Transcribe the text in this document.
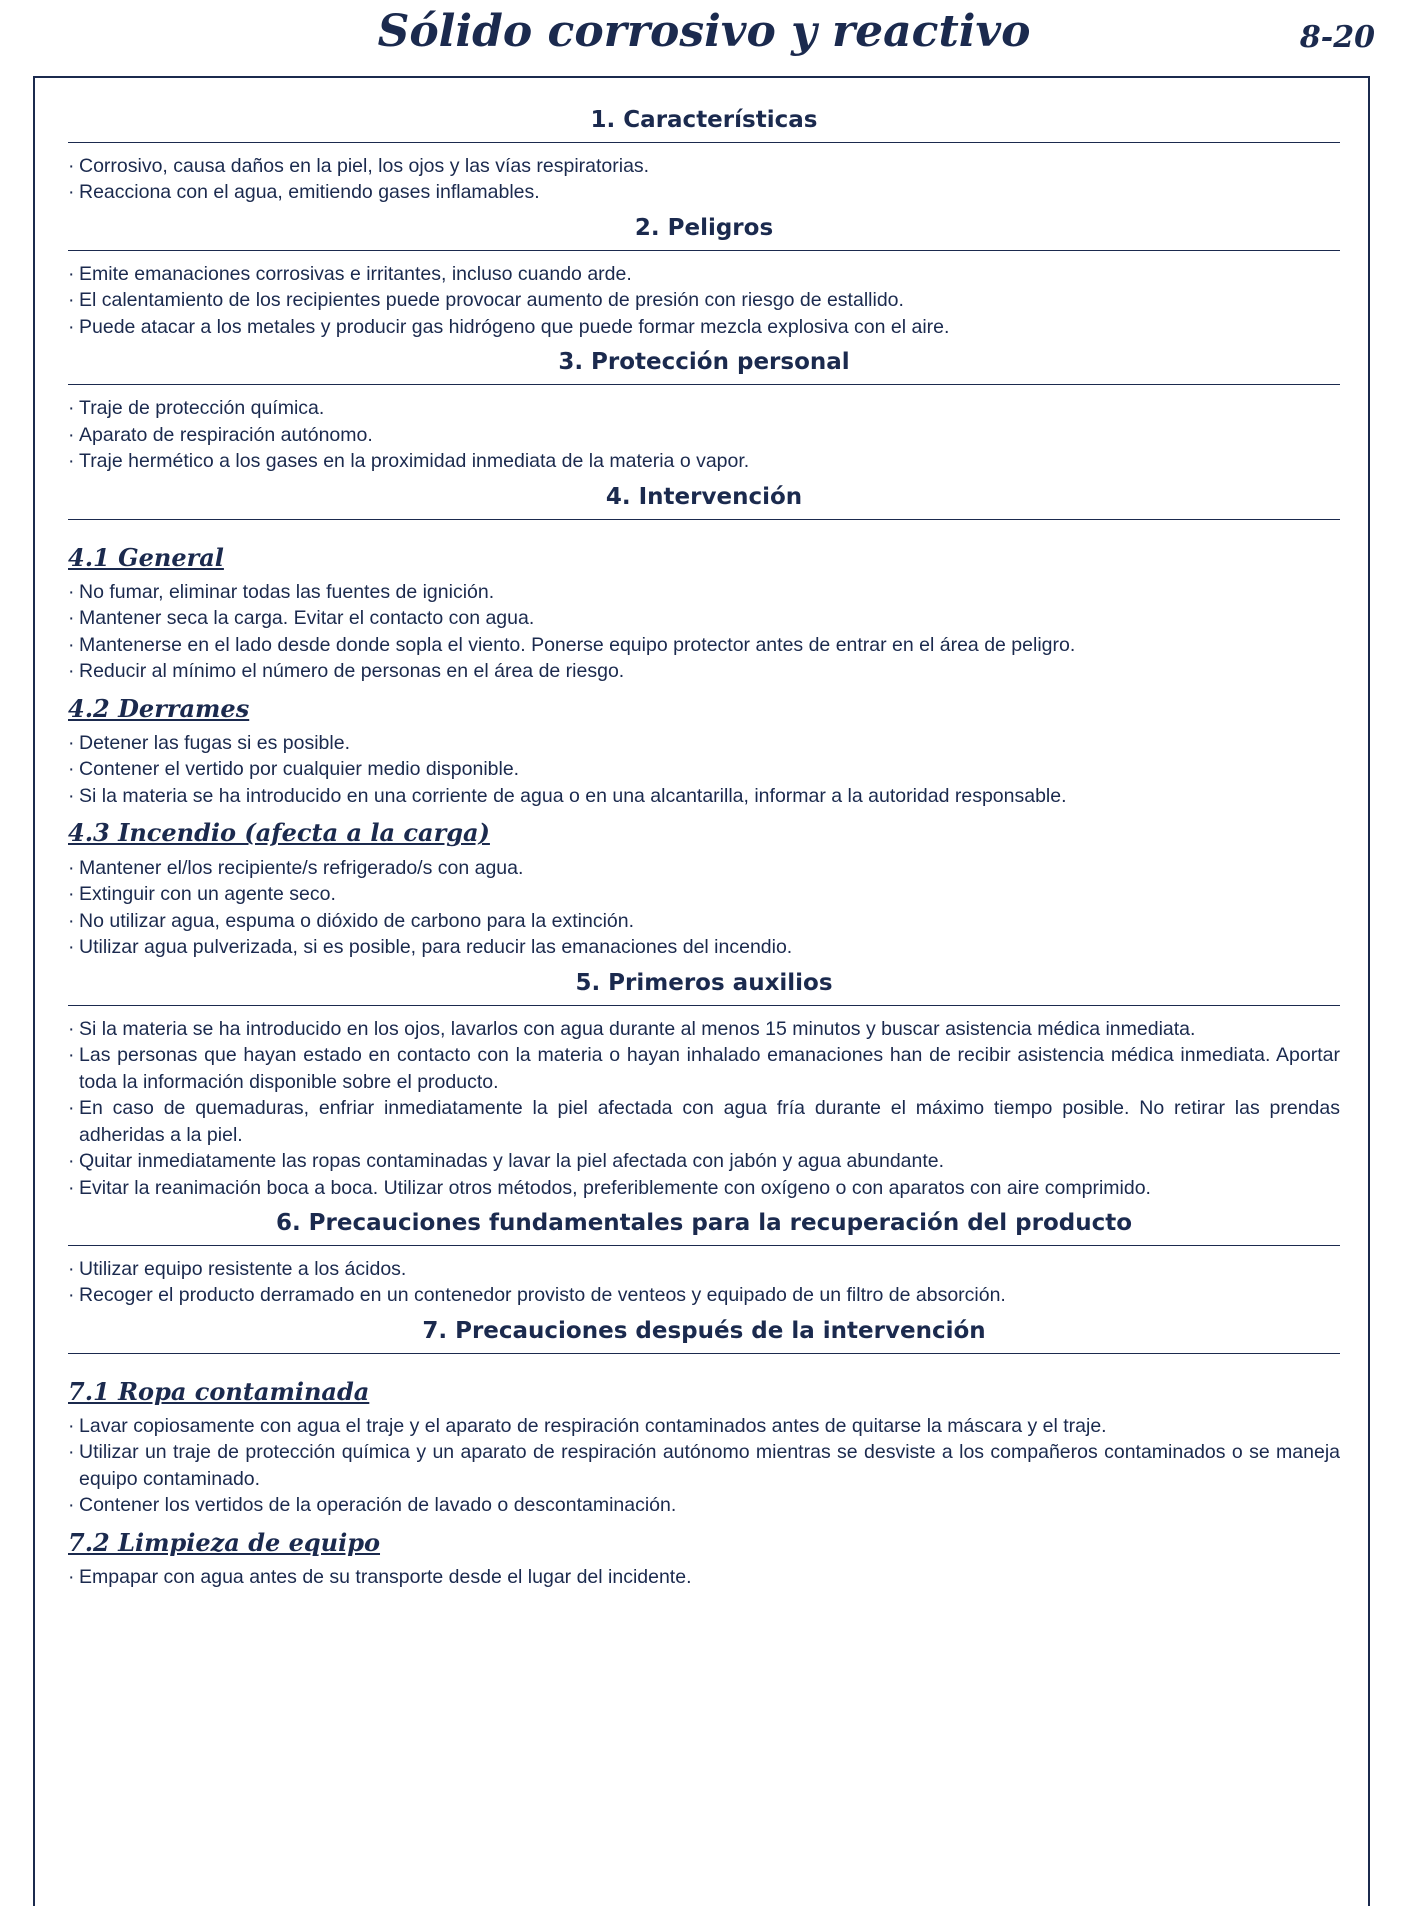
Sólido corrosivo y reactivo	8-20
1. Características
· Corrosivo, causa daños en la piel, los ojos y las vías respiratorias.
· Reacciona con el agua, emitiendo gases inflamables.
2. Peligros
· Emite emanaciones corrosivas e irritantes, incluso cuando arde.
· El calentamiento de los recipientes puede provocar aumento de presión con riesgo de estallido.
· Puede atacar a los metales y producir gas hidrógeno que puede formar mezcla explosiva con el aire.
3. Protección personal
· Traje de protección química.
· Aparato de respiración autónomo.
· Traje hermético a los gases en la proximidad inmediata de la materia o vapor.
4. Intervención
4.1 General
· No fumar, eliminar todas las fuentes de ignición.
· Mantener seca la carga. Evitar el contacto con agua.
· Mantenerse en el lado desde donde sopla el viento. Ponerse equipo protector antes de entrar en el área de peligro.
· Reducir al mínimo el número de personas en el área de riesgo.
4.2 Derrames
· Detener las fugas si es posible.
· Contener el vertido por cualquier medio disponible.
· Si la materia se ha introducido en una corriente de agua o en una alcantarilla, informar a la autoridad responsable.
4.3 Incendio (afecta a la carga)
· Mantener el/los recipiente/s refrigerado/s con agua.
· Extinguir con un agente seco.
· No utilizar agua, espuma o dióxido de carbono para la extinción.
· Utilizar agua pulverizada, si es posible, para reducir las emanaciones del incendio.
5. Primeros auxilios
· Si la materia se ha introducido en los ojos, lavarlos con agua durante al menos 15 minutos y buscar asistencia médica inmediata.
· Las personas que hayan estado en contacto con la materia o hayan inhalado emanaciones han de recibir asistencia médica inmediata. Aportar toda la información disponible sobre el producto.
· En caso de quemaduras, enfriar inmediatamente la piel afectada con agua fría durante el máximo tiempo posible. No retirar las prendas adheridas a la piel.
· Quitar inmediatamente las ropas contaminadas y lavar la piel afectada con jabón y agua abundante.
· Evitar la reanimación boca a boca. Utilizar otros métodos, preferiblemente con oxígeno o con aparatos con aire comprimido.
6. Precauciones fundamentales para la recuperación del producto
· Utilizar equipo resistente a los ácidos.
· Recoger el producto derramado en un contenedor provisto de venteos y equipado de un filtro de absorción.
7. Precauciones después de la intervención
7.1 Ropa contaminada
· Lavar copiosamente con agua el traje y el aparato de respiración contaminados antes de quitarse la máscara y el traje.
· Utilizar un traje de protección química y un aparato de respiración autónomo mientras se desviste a los compañeros contaminados o se maneja equipo contaminado.
· Contener los vertidos de la operación de lavado o descontaminación.
7.2 Limpieza de equipo
· Empapar con agua antes de su transporte desde el lugar del incidente.
